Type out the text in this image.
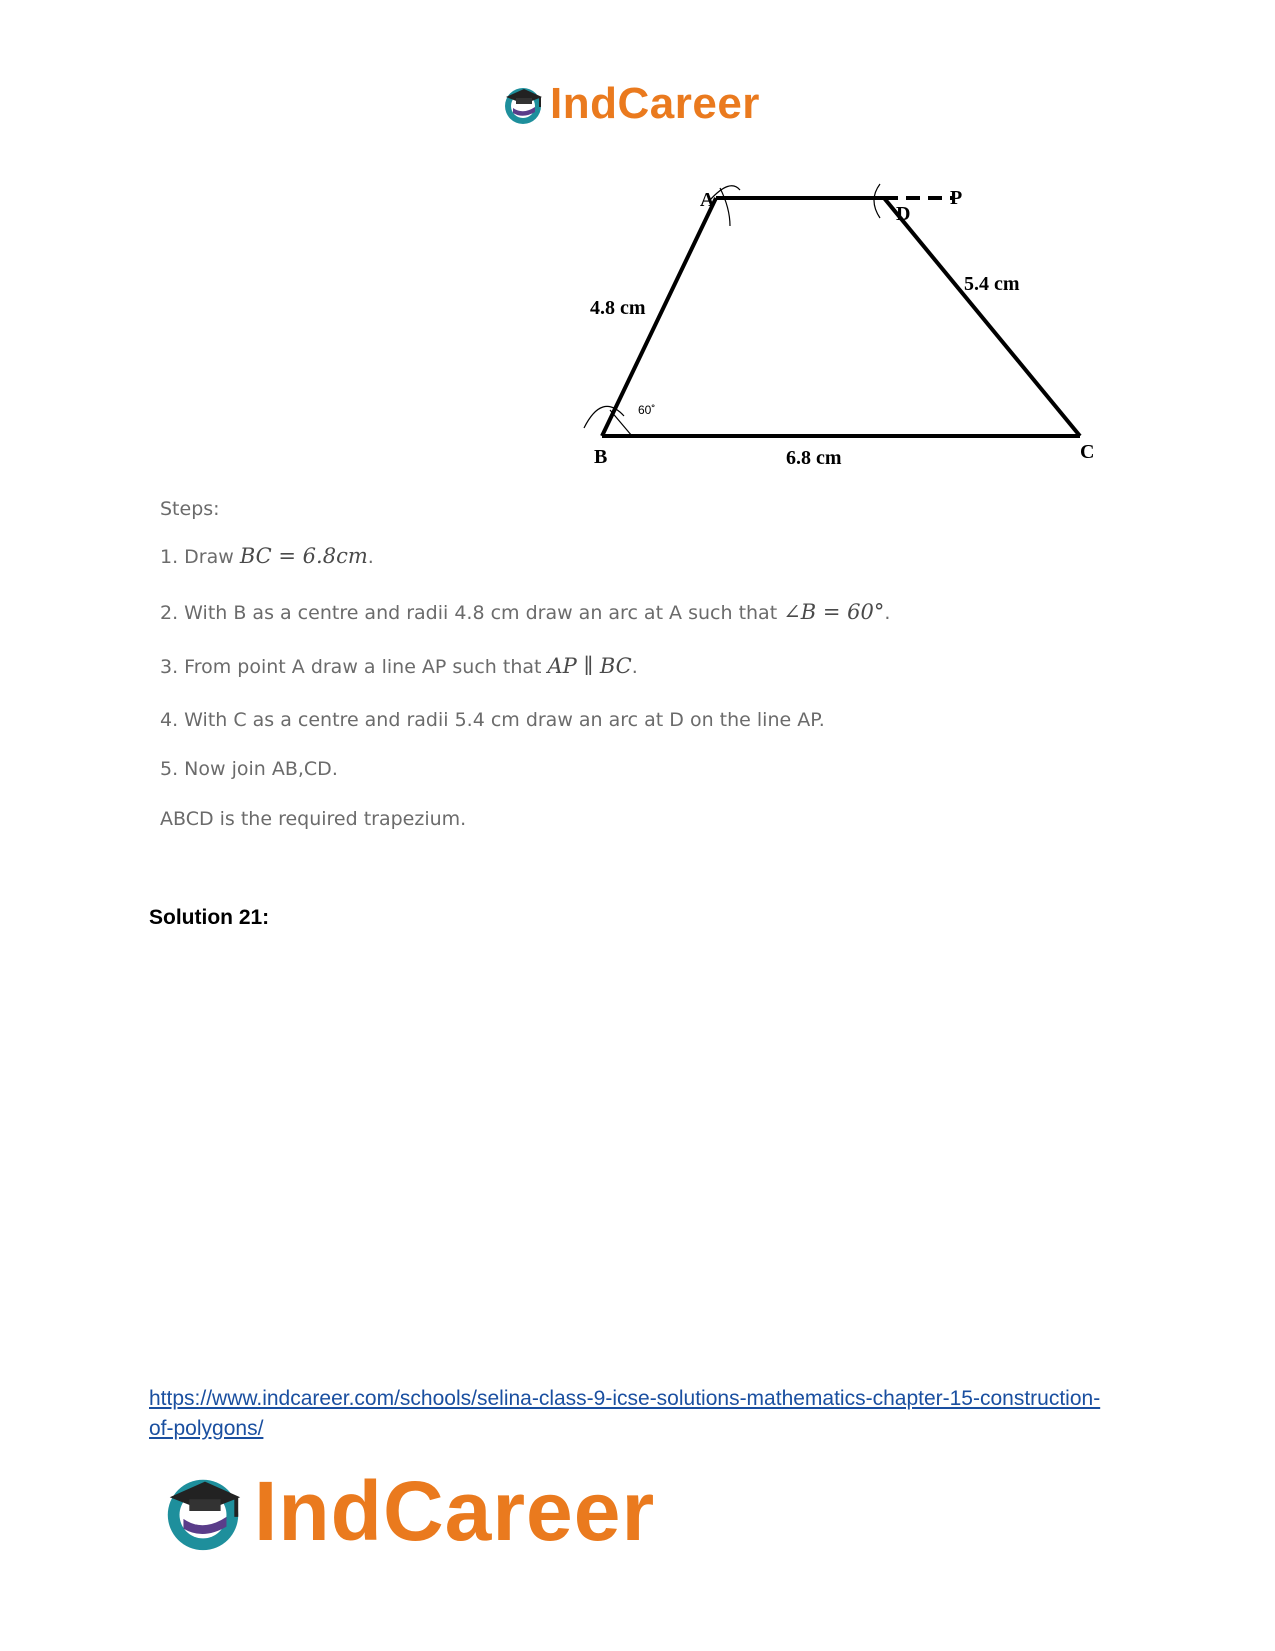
IndCareer
A
B	C
D
P
4.8 cm
5.4 cm
6.8 cm
60˚
Steps:
1. Draw BC = 6.8cm.
2. With B as a centre and radii 4.8 cm draw an arc at A such that ∠B = 60°.
3. From point A draw a line AP such that AP ∥ BC.
4. With C as a centre and radii 5.4 cm draw an arc at D on the line AP.
5. Now join AB,CD.
ABCD is the required trapezium.
Solution 21:
https://www.indcareer.com/schools/selina-class-9-icse-solutions-mathematics-chapter-15-construction-of-polygons/
IndCareer
